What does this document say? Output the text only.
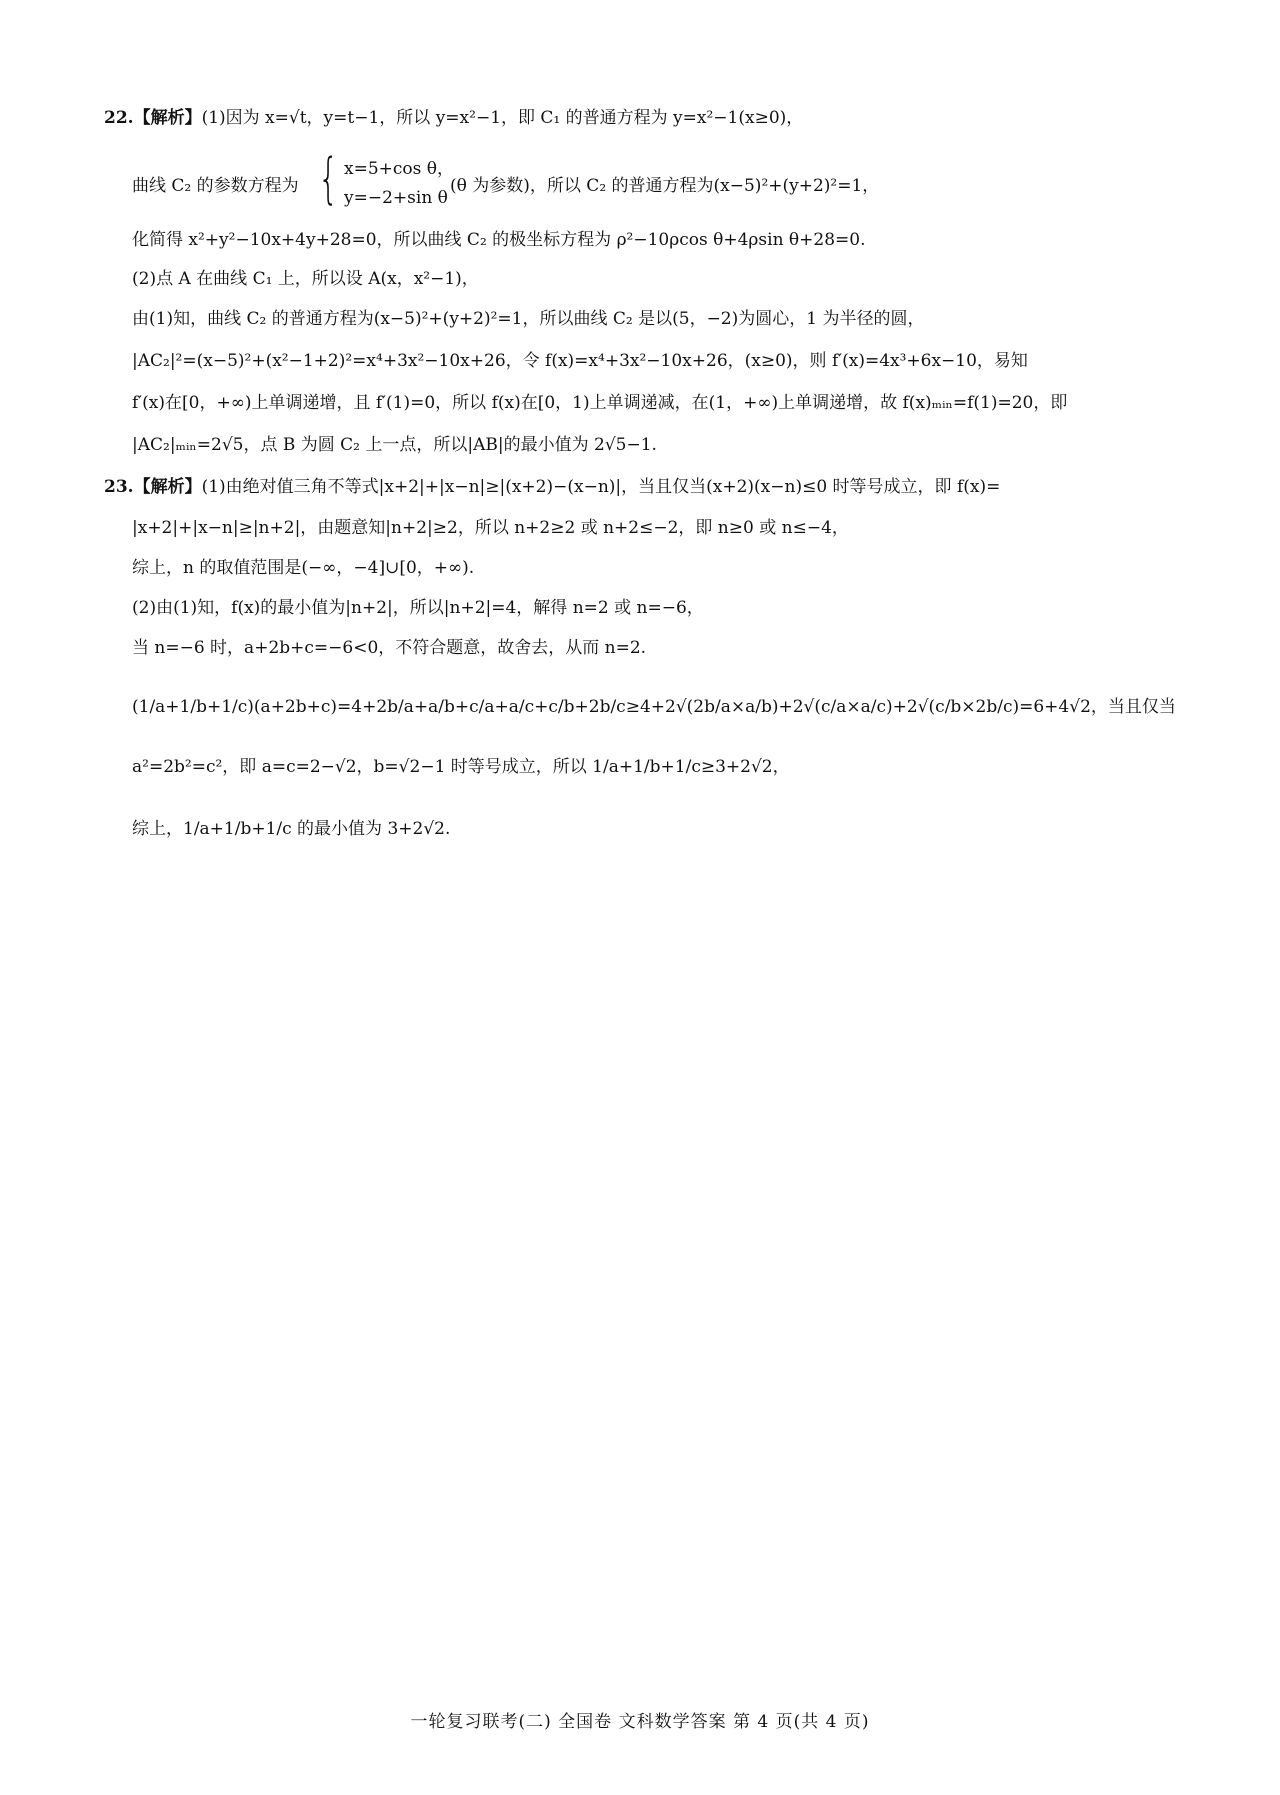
22.【解析】(1)因为 x=√t，y=t−1，所以 y=x²−1，即 C₁ 的普通方程为 y=x²−1(x≥0)，
曲线 C₂ 的参数方程为 { x=5+cos θ，
y=−2+sin θ
(θ 为参数)，所以 C₂ 的普通方程为(x−5)²+(y+2)²=1，
化简得 x²+y²−10x+4y+28=0，所以曲线 C₂ 的极坐标方程为 ρ²−10ρcos θ+4ρsin θ+28=0.
(2)点 A 在曲线 C₁ 上，所以设 A(x，x²−1)，
由(1)知，曲线 C₂ 的普通方程为(x−5)²+(y+2)²=1，所以曲线 C₂ 是以(5，−2)为圆心，1 为半径的圆，
|AC₂|²=(x−5)²+(x²−1+2)²=x⁴+3x²−10x+26，令 f(x)=x⁴+3x²−10x+26，(x≥0)，则 f′(x)=4x³+6x−10，易知
f′(x)在[0，+∞)上单调递增，且 f′(1)=0，所以 f(x)在[0，1)上单调递减，在(1，+∞)上单调递增，故 f(x)ₘᵢₙ=f(1)=20，即
|AC₂|ₘᵢₙ=2√5，点 B 为圆 C₂ 上一点，所以|AB|的最小值为 2√5−1.
23.【解析】(1)由绝对值三角不等式|x+2|+|x−n|≥|(x+2)−(x−n)|，当且仅当(x+2)(x−n)≤0 时等号成立，即 f(x)=
|x+2|+|x−n|≥|n+2|，由题意知|n+2|≥2，所以 n+2≥2 或 n+2≤−2，即 n≥0 或 n≤−4，
综上，n 的取值范围是(−∞，−4]∪[0，+∞).
(2)由(1)知，f(x)的最小值为|n+2|，所以|n+2|=4，解得 n=2 或 n=−6，
当 n=−6 时，a+2b+c=−6<0，不符合题意，故舍去，从而 n=2.
(1/a+1/b+1/c)(a+2b+c)=4+2b/a+a/b+c/a+a/c+c/b+2b/c≥4+2√(2b/a×a/b)+2√(c/a×a/c)+2√(c/b×2b/c)=6+4√2，当且仅当
a²=2b²=c²，即 a=c=2−√2，b=√2−1 时等号成立，所以 1/a+1/b+1/c≥3+2√2，
综上，1/a+1/b+1/c 的最小值为 3+2√2.
一轮复习联考(二) 全国卷 文科数学答案 第 4 页(共 4 页)
